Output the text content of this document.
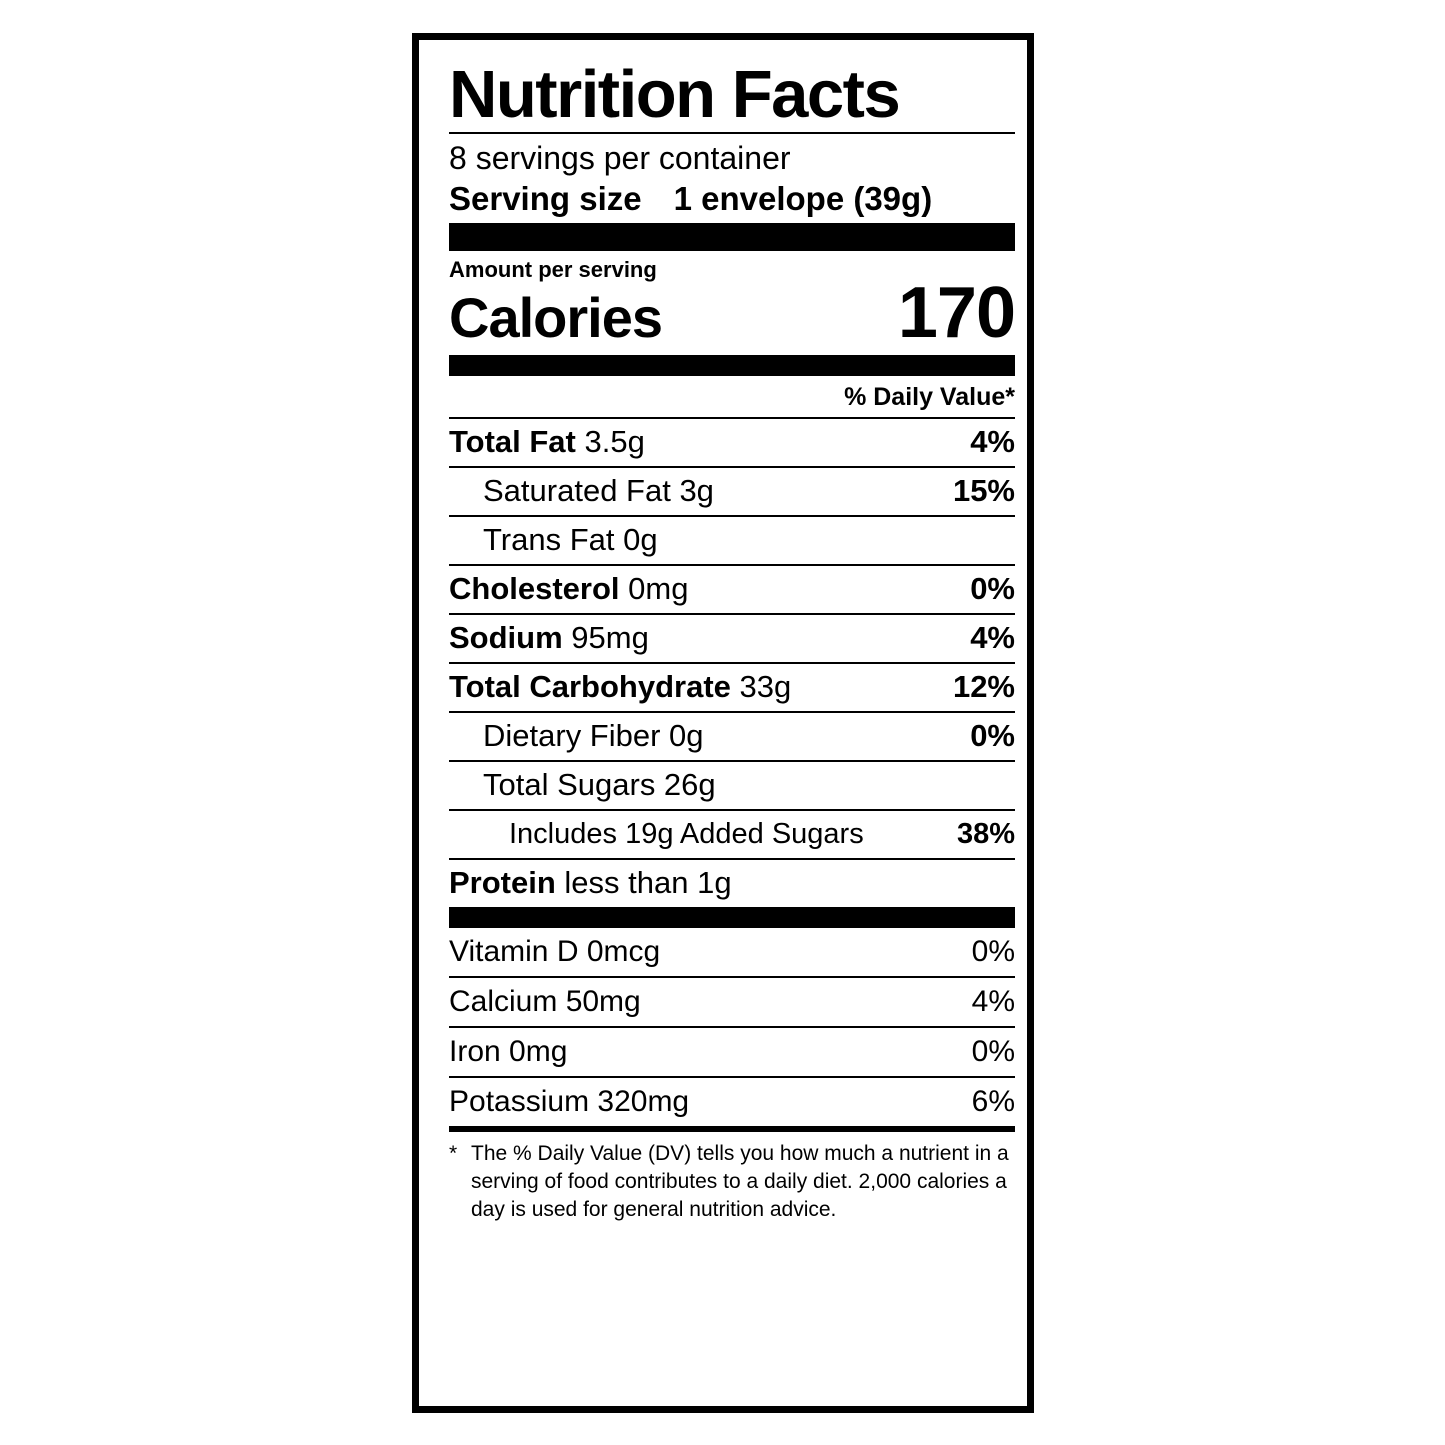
Nutrition Facts
8 servings per container
Serving size 1 envelope (39g)
Amount per serving
Calories	170
% Daily Value*
Total Fat 3.5g	4%
Saturated Fat 3g	15%
Trans Fat 0g
Cholesterol 0mg	0%
Sodium 95mg	4%
Total Carbohydrate 33g	12%
Dietary Fiber 0g	0%
Total Sugars 26g
Includes 19g Added Sugars	38%
Protein less than 1g
Vitamin D 0mcg	0%
Calcium 50mg	4%
Iron 0mg	0%
Potassium 320mg	6%
* The % Daily Value (DV) tells you how much a nutrient in a serving of food contributes to a daily diet. 2,000 calories a day is used for general nutrition advice.
